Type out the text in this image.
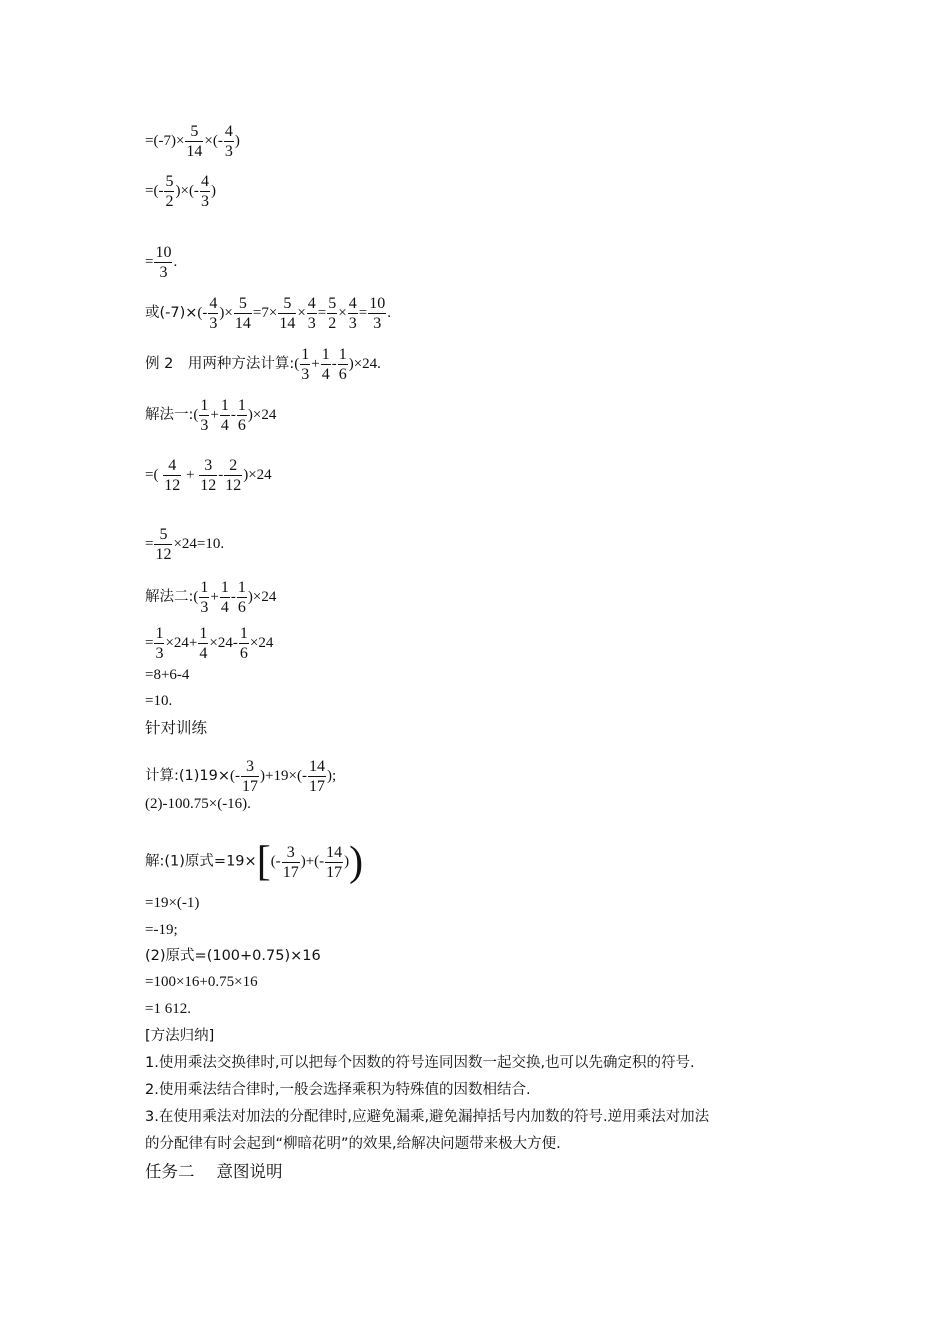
$=(-7)\times \frac{5}{14}$ ×(- $\frac{4}{3}$ )
=(- $\frac{5}{2}$ )×(- $\frac{4}{3}$ )
= $\frac{10}{3}$ .
或$(-7)\times(- \frac{4}{3}$ )× $\frac{5}{14} =7\times \frac{5}{14} \times \frac{4}{3} = \frac{5}{2} \times \frac{4}{3} = \frac{10}{3}$ .
例 2　用两种方法计算:( $\frac{1}{3} + \frac{1}{4} - \frac{1}{6} )\times 24$.
解法一:( $\frac{1}{3} + \frac{1}{4} - \frac{1}{6} )\times 24$
=( $\frac{4}{12} + \frac{3}{12} - \frac{2}{12} )\times 24$
= $\frac{5}{12} \times 24=10$.
解法二:( $\frac{1}{3} + \frac{1}{4} - \frac{1}{6} )\times 24$
= $\frac{1}{3} \times 24+ \frac{1}{4} \times 24- \frac{1}{6} \times 24$
=8+6-4
=10.
针对训练
计算:(1)19×(- $\frac{3}{17} )+19\times(- \frac{14}{17}$ );
(2)-100.75×(-16).
解:(1)原式$=19\times[(- \frac{3}{17}$ )+(- $\frac{14}{17}$ ))
=19×(-1)
=-19;
(2)原式=(100+0.75)×16
=100×16+0.75×16
=1 612.
[方法归纳]
1.使用乘法交换律时,可以把每个因数的符号连同因数一起交换,也可以先确定积的符号.
2.使用乘法结合律时,一般会选择乘积为特殊值的因数相结合.
3.在使用乘法对加法的分配律时,应避免漏乘,避免漏掉括号内加数的符号.逆用乘法对加法
的分配律有时会起到“柳暗花明”的效果,给解决问题带来极大方便.
任务二 意图说明
